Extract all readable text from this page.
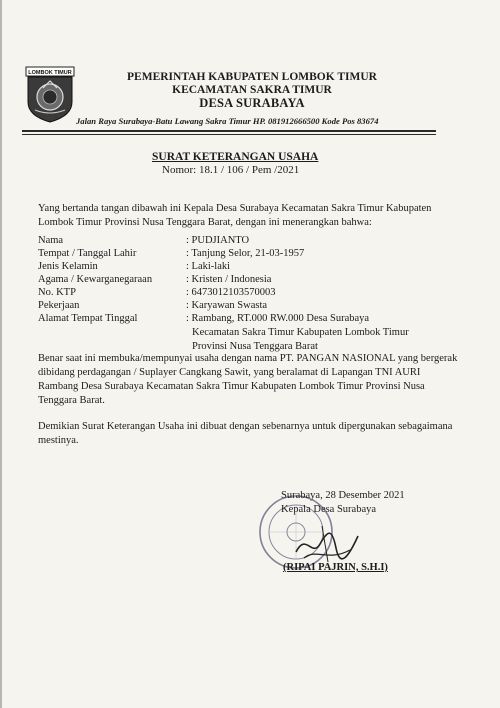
LOMBOK TIMUR	PEMERINTAH KABUPATEN LOMBOK TIMUR
KECAMATAN SAKRA TIMUR
DESA SURABAYA
Jalan Raya Surabaya-Batu Lawang Sakra Timur HP. 081912666500 Kode Pos 83674
SURAT KETERANGAN USAHA
Nomor: 18.1 / 106 / Pem /2021
Yang bertanda tangan dibawah ini Kepala Desa Surabaya Kecamatan Sakra Timur Kabupaten Lombok Timur Provinsi Nusa Tenggara Barat, dengan ini menerangkan bahwa:
Nama	: PUDJIANTO
Tempat / Tanggal Lahir	: Tanjung Selor, 21-03-1957
Jenis Kelamin	: Laki-laki
Agama / Kewarganegaraan	: Kristen / Indonesia
No. KTP	: 6473012103570003
Pekerjaan	: Karyawan Swasta
Alamat Tempat Tinggal	: Rambang, RT.000 RW.000 Desa Surabaya
Kecamatan Sakra Timur Kabupaten Lombok Timur
Provinsi Nusa Tenggara Barat
Benar saat ini membuka/mempunyai usaha dengan nama PT. PANGAN NASIONAL yang bergerak dibidang perdagangan / Suplayer Cangkang Sawit, yang beralamat di Lapangan TNI AURI Rambang Desa Surabaya Kecamatan Sakra Timur Kabupaten Lombok Timur Provinsi Nusa Tenggara Barat.
Demikian Surat Keterangan Usaha ini dibuat dengan sebenarnya untuk dipergunakan sebagaimana mestinya.
Surabaya, 28 Desember 2021
Kepala Desa Surabaya
(RIPAI PAJRIN, S.H.I)
